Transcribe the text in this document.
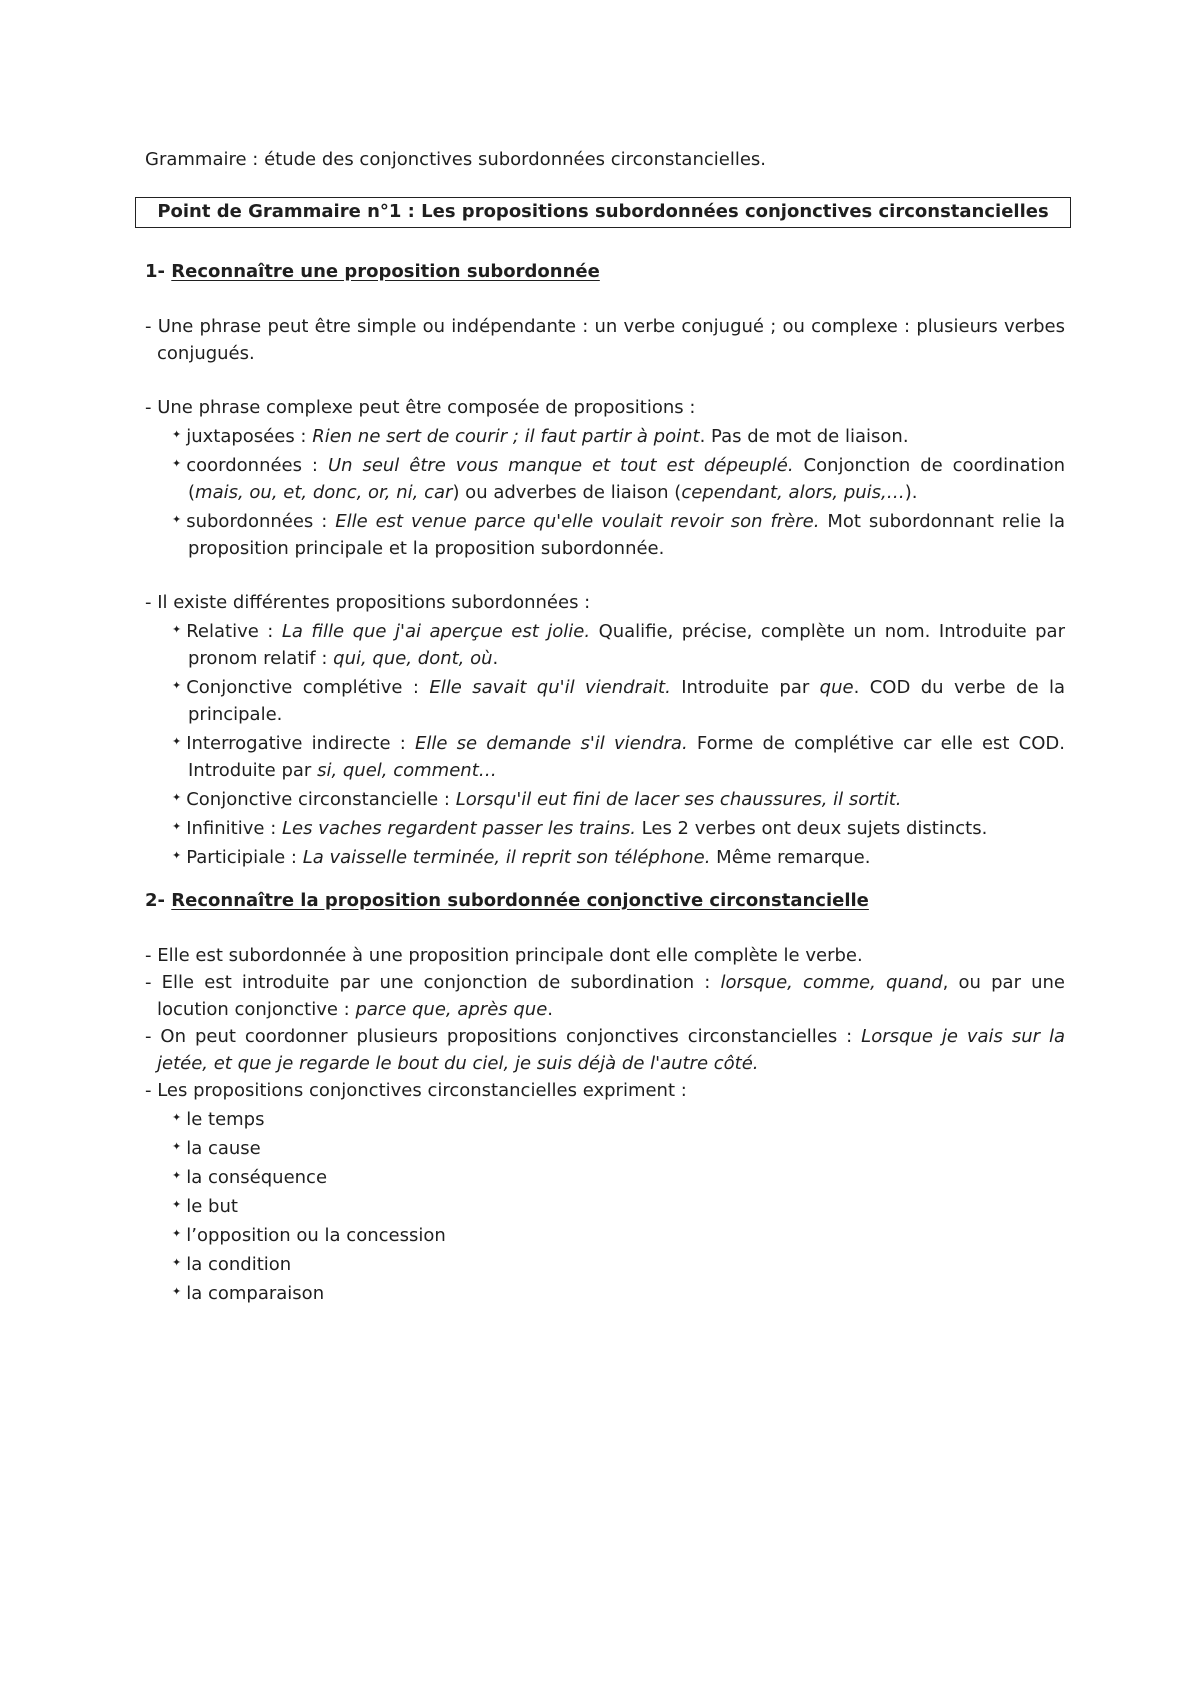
Grammaire : étude des conjonctives subordonnées circonstancielles.
Point de Grammaire n°1 : Les propositions subordonnées conjonctives circonstancielles
1- Reconnaître une proposition subordonnée

- Une phrase peut être simple ou indépendante : un verbe conjugué ; ou complexe : plusieurs verbes conjugués.

- Une phrase complexe peut être composée de propositions :

✦ juxtaposées : Rien ne sert de courir ; il faut partir à point. Pas de mot de liaison.

✦ coordonnées : Un seul être vous manque et tout est dépeuplé. Conjonction de coordination (mais, ou, et, donc, or, ni, car) ou adverbes de liaison (cependant, alors, puis,…).

✦ subordonnées : Elle est venue parce qu'elle voulait revoir son frère. Mot subordonnant relie la proposition principale et la proposition subordonnée.

- Il existe différentes propositions subordonnées :

✦ Relative : La fille que j'ai aperçue est jolie. Qualifie, précise, complète un nom. Introduite par pronom relatif : qui, que, dont, où.

✦ Conjonctive complétive : Elle savait qu'il viendrait. Introduite par que. COD du verbe de la principale.

✦ Interrogative indirecte : Elle se demande s'il viendra. Forme de complétive car elle est COD. Introduite par si, quel, comment…

✦ Conjonctive circonstancielle : Lorsqu'il eut fini de lacer ses chaussures, il sortit.

✦ Infinitive : Les vaches regardent passer les trains. Les 2 verbes ont deux sujets distincts.

✦ Participiale : La vaisselle terminée, il reprit son téléphone. Même remarque.

2- Reconnaître la proposition subordonnée conjonctive circonstancielle

- Elle est subordonnée à une proposition principale dont elle complète le verbe.

- Elle est introduite par une conjonction de subordination : lorsque, comme, quand, ou par une locution conjonctive : parce que, après que.

- On peut coordonner plusieurs propositions conjonctives circonstancielles : Lorsque je vais sur la jetée, et que je regarde le bout du ciel, je suis déjà de l'autre côté.

- Les propositions conjonctives circonstancielles expriment :

✦ le temps

✦ la cause

✦ la conséquence

✦ le but

✦ l’opposition ou la concession

✦ la condition

✦ la comparaison
